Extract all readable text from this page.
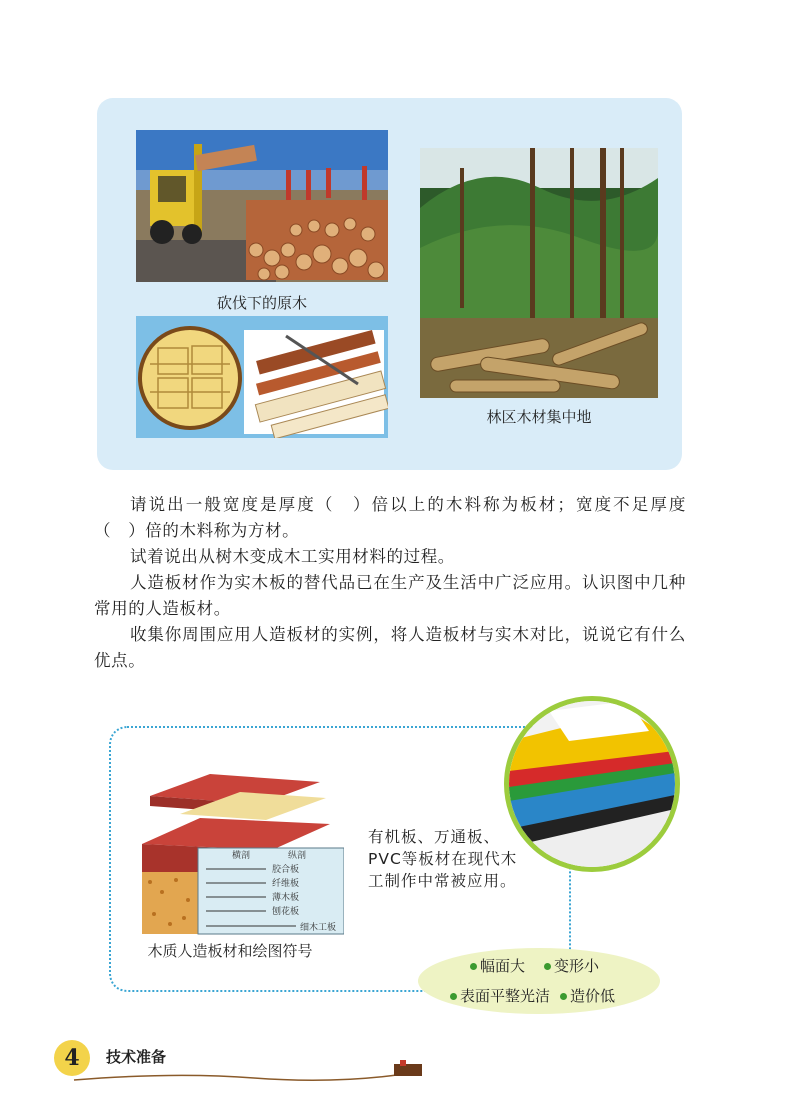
砍伐下的原木
林区木材集中地

请说出一般宽度是厚度（　）倍以上的木料称为板材；宽度不足厚度（　）倍的木料称为方材。

试着说出从树木变成木工实用材料的过程。

人造板材作为实木板的替代品已在生产及生活中广泛应用。认识图中几种常用的人造板材。

收集你周围应用人造板材的实例，将人造板材与实木对比，说说它有什么优点。

横剖	纵剖
胶合板
纤维板
薄木板
刨花板
细木工板
木质人造板材和绘图符号
有机板、万通板、PVC等板材在现代木工制作中常被应用。
幅面大	变形小
表面平整光洁	造价低
4	技术准备
